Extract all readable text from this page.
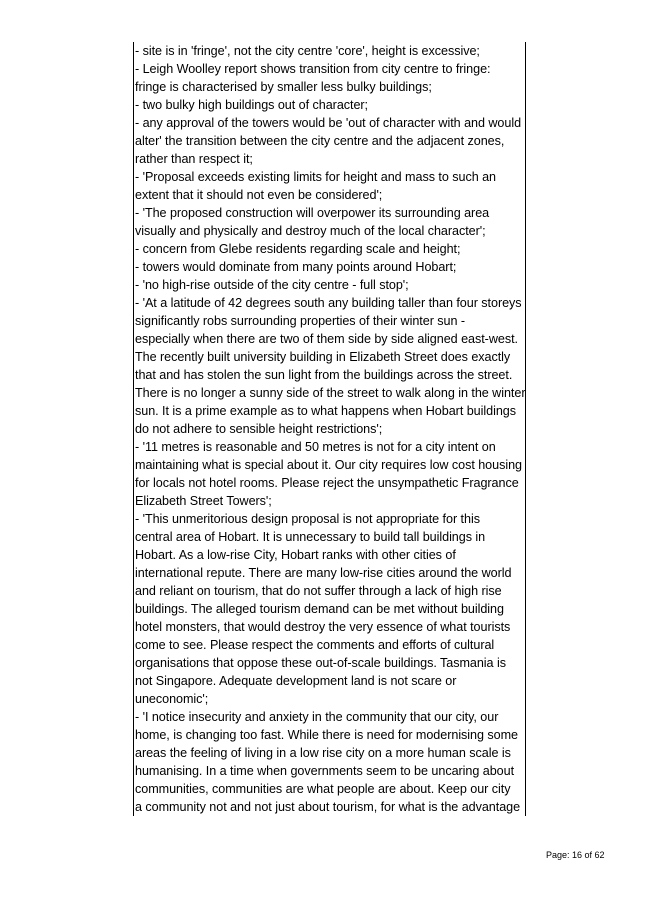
- site is in 'fringe', not the city centre 'core', height is excessive;
- Leigh Woolley report shows transition from city centre to fringe:
fringe is characterised by smaller less bulky buildings;
- two bulky high buildings out of character;
- any approval of the towers would be 'out of character with and would
alter' the transition between the city centre and the adjacent zones,
rather than respect it;
- 'Proposal exceeds existing limits for height and mass to such an
extent that it should not even be considered';
- 'The proposed construction will overpower its surrounding area
visually and physically and destroy much of the local character';
- concern from Glebe residents regarding scale and height;
- towers would dominate from many points around Hobart;
- 'no high-rise outside of the city centre - full stop';
- 'At a latitude of 42 degrees south any building taller than four storeys
significantly robs surrounding properties of their winter sun -
especially when there are two of them side by side aligned east-west.
The recently built university building in Elizabeth Street does exactly
that and has stolen the sun light from the buildings across the street.
There is no longer a sunny side of the street to walk along in the winter
sun. It is a prime example as to what happens when Hobart buildings
do not adhere to sensible height restrictions';
- '11 metres is reasonable and 50 metres is not for a city intent on
maintaining what is special about it. Our city requires low cost housing
for locals not hotel rooms. Please reject the unsympathetic Fragrance
Elizabeth Street Towers';
- 'This unmeritorious design proposal is not appropriate for this
central area of Hobart. It is unnecessary to build tall buildings in
Hobart. As a low-rise City, Hobart ranks with other cities of
international repute. There are many low-rise cities around the world
and reliant on tourism, that do not suffer through a lack of high rise
buildings. The alleged tourism demand can be met without building
hotel monsters, that would destroy the very essence of what tourists
come to see. Please respect the comments and efforts of cultural
organisations that oppose these out-of-scale buildings. Tasmania is
not Singapore. Adequate development land is not scare or
uneconomic';
- 'I notice insecurity and anxiety in the community that our city, our
home, is changing too fast. While there is need for modernising some
areas the feeling of living in a low rise city on a more human scale is
humanising. In a time when governments seem to be uncaring about
communities, communities are what people are about. Keep our city
a community not and not just about tourism, for what is the advantage
Page: 16 of 62
